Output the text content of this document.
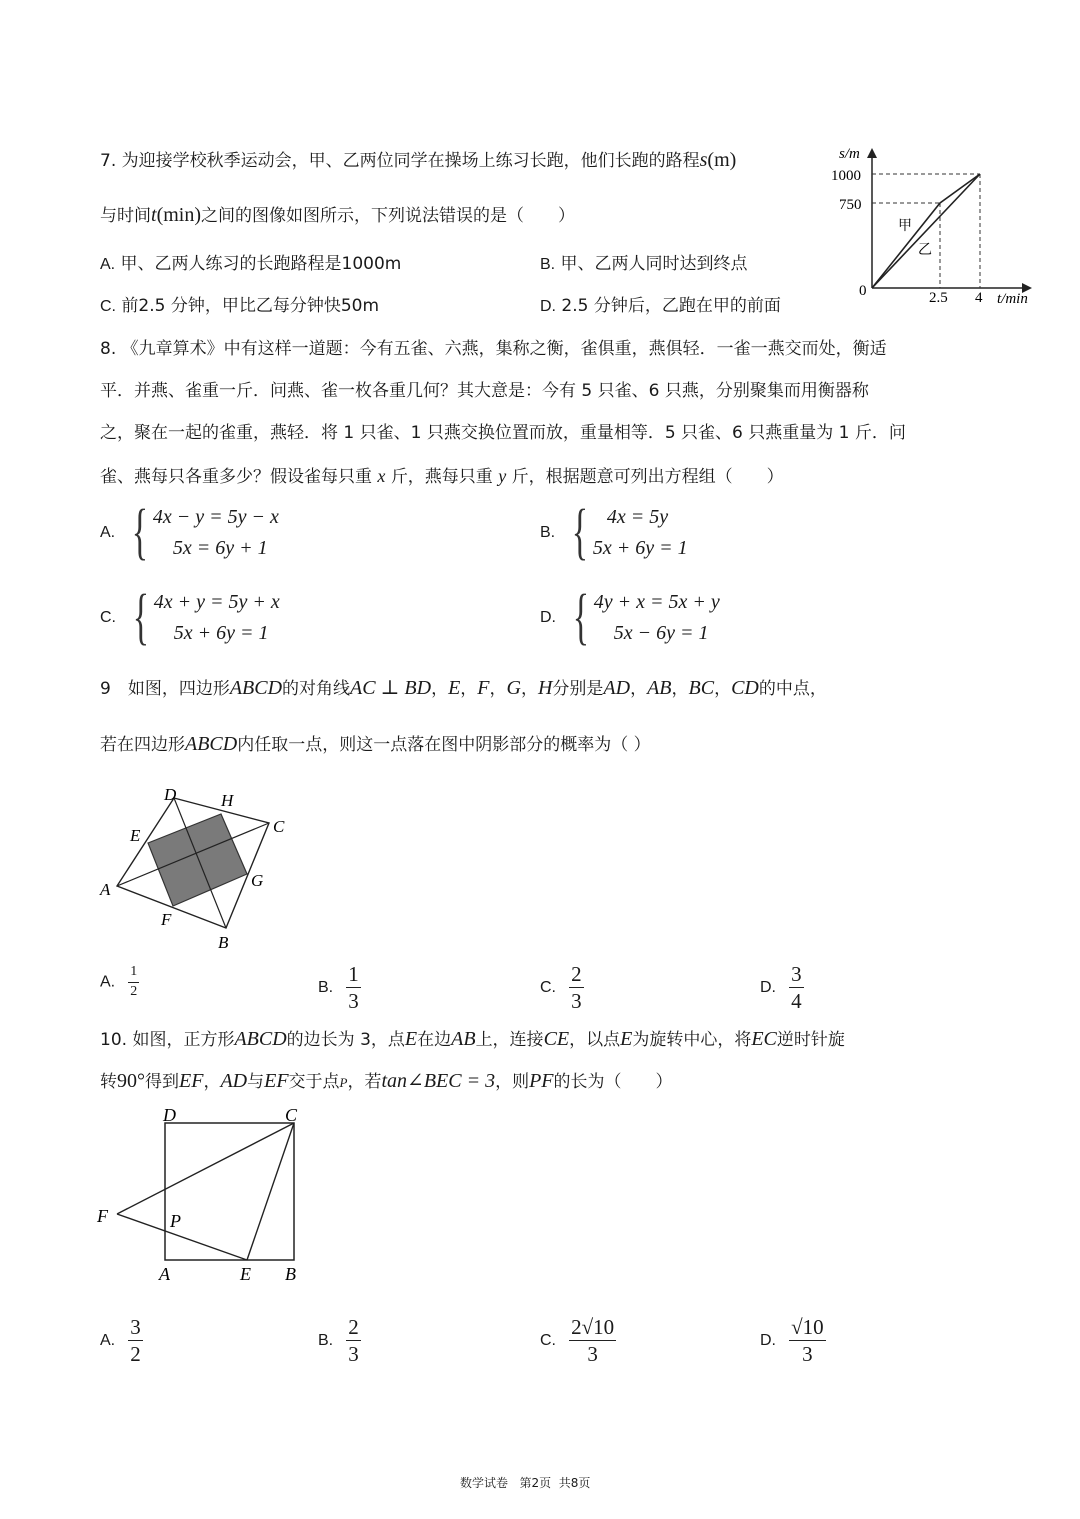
7. 为迎接学校秋季运动会，甲、乙两位同学在操场上练习长跑，他们长跑的路程s(m)
与时间t(min)之间的图像如图所示，下列说法错误的是（　　）
A. 甲、乙两人练习的长跑路程是1000m	B. 甲、乙两人同时达到终点
C. 前2.5 分钟，甲比乙每分钟快50m	D. 2.5 分钟后，乙跑在甲的前面
s/m
1000
750
0	2.5 4 t/min
甲
乙
8. 《九章算术》中有这样一道题：今有五雀、六燕，集称之衡，雀俱重，燕俱轻．一雀一燕交而处，衡适
平．并燕、雀重一斤．问燕、雀一枚各重几何？其大意是：今有 5 只雀、6 只燕，分别聚集而用衡器称
之，聚在一起的雀重，燕轻．将 1 只雀、1 只燕交换位置而放，重量相等．5 只雀、6 只燕重量为 1 斤．问
雀、燕每只各重多少？假设雀每只重 x 斤，燕每只重 y 斤，根据题意可列出方程组（　　）
A. { 4x − y = 5y − x
5x = 6y + 1
B. { 4x = 5y
5x + 6y = 1
C. { 4x + y = 5y + x
5x + 6y = 1
D. { 4y + x = 5x + y
5x − 6y = 1
9　如图，四边形ABCD的对角线AC ⊥ BD，E，F，G，H分别是AD，AB，BC，CD的中点，
若在四边形ABCD内任取一点，则这一点落在图中阴影部分的概率为（ ）
A
B
C
D
E
F
G
H
A. $\frac{1}{2}$	B. $\frac{1}{3}$	C. $\frac{2}{3}$	D. $\frac{3}{4}$
10. 如图，正方形ABCD的边长为 3，点E在边AB上，连接CE，以点E为旋转中心，将EC逆时针旋
转90°得到EF，AD与EF交于点P，若tan∠BEC = 3，则PF的长为（　　）
D	C
F	P
A	E B
A. $\frac{3}{2}$	B. $\frac{2}{3}$	C. $\frac{2√10}{3}$	D. $\frac{√10}{3}$
数学试卷 第2页 共8页
